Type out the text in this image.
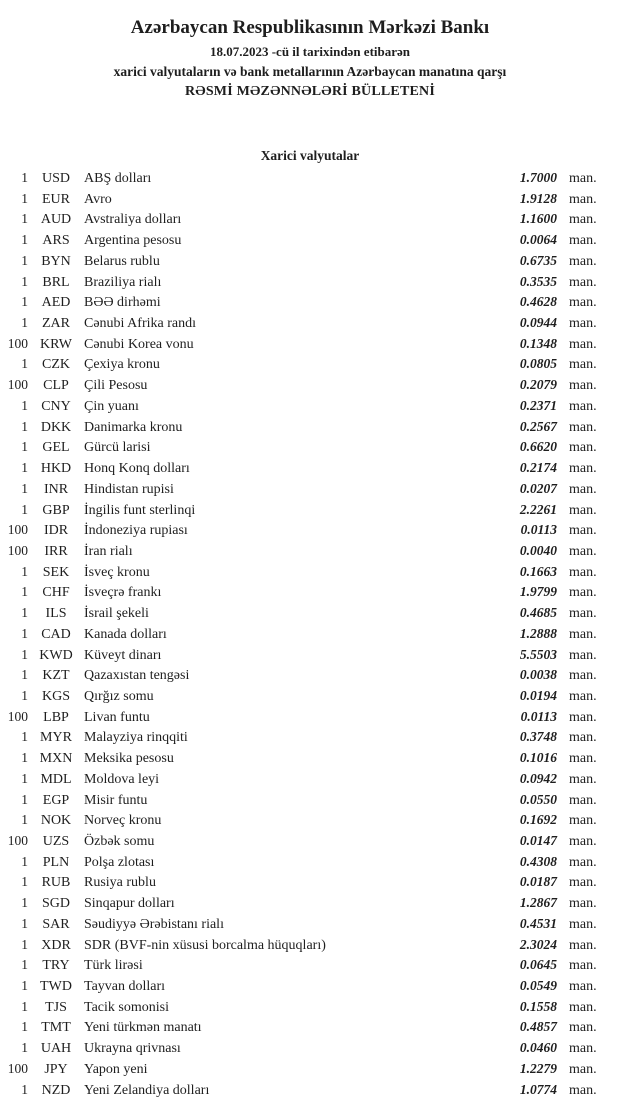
Azərbaycan Respublikasının Mərkəzi Bankı
18.07.2023 -cü il tarixindən etibarən
xarici valyutaların və bank metallarının Azərbaycan manatına qarşı
RƏSMİ MƏZƏNNƏLƏRİ BÜLLETENİ
Xarici valyutalar
1 USD	ABŞ dolları	1.7000 man.
1	EUR	Avro	1.9128 man.
1 AUD Avstraliya dolları	1.1600 man.
1	ARS	Argentina pesosu	0.0064 man.
1 BYN Belarus rublu	0.6735 man.
1	BRL	Braziliya rialı	0.3535 man.
1 AED BƏƏ dirhəmi	0.4628 man.
1	ZAR	Cənubi Afrika randı	0.0944 man.
100 KRW Cənubi Korea vonu	0.1348 man.
1	CZK	Çexiya kronu	0.0805 man.
100	CLP	Çili Pesosu	0.2079 man.
1 CNY Çin yuanı	0.2371 man.
1 DKK Danimarka kronu	0.2567 man.
1	GEL	Gürcü larisi	0.6620 man.
1 HKD Honq Konq dolları	0.2174 man.
1	INR	Hindistan rupisi	0.0207 man.
1	GBP	İngilis funt sterlinqi	2.2261 man.
100	IDR	İndoneziya rupiası	0.0113 man.
100	IRR	İran rialı	0.0040 man.
1	SEK	İsveç kronu	0.1663 man.
1	CHF	İsveçrə frankı	1.9799 man.
1	ILS	İsrail şekeli	0.4685 man.
1 CAD Kanada dolları	1.2888 man.
1 KWD Küveyt dinarı	5.5503 man.
1	KZT	Qazaxıstan tengəsi	0.0038 man.
1 KGS	Qırğız somu	0.0194 man.
100	LBP	Livan funtu	0.0113 man.
1 MYR Malayziya rinqqiti	0.3748 man.
1 MXN Meksika pesosu	0.1016 man.
1 MDL Moldova leyi	0.0942 man.
1	EGP	Misir funtu	0.0550 man.
1 NOK Norveç kronu	0.1692 man.
100	UZS	Özbək somu	0.0147 man.
1	PLN	Polşa zlotası	0.4308 man.
1 RUB Rusiya rublu	0.0187 man.
1 SGD	Sinqapur dolları	1.2867 man.
1	SAR	Səudiyyə Ərəbistanı rialı	0.4531 man.
1 XDR SDR (BVF-nin xüsusi borcalma hüquqları)	2.3024 man.
1	TRY	Türk lirəsi	0.0645 man.
1 TWD Tayvan dolları	0.0549 man.
1	TJS	Tacik somonisi	0.1558 man.
1 TMT Yeni türkmən manatı	0.4857 man.
1 UAH Ukrayna qrivnası	0.0460 man.
100	JPY	Yapon yeni	1.2279 man.
1 NZD Yeni Zelandiya dolları	1.0774 man.
